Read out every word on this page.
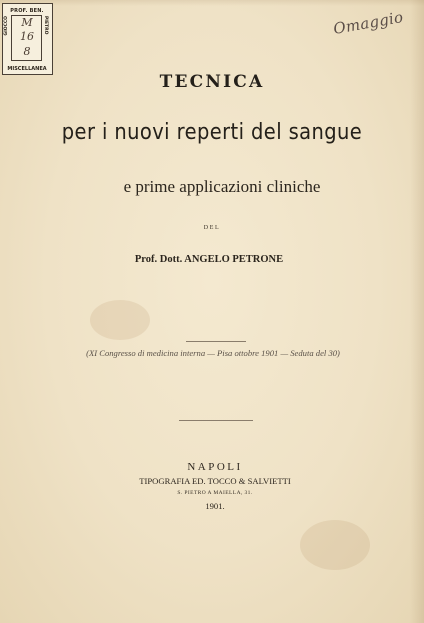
PROF. BEN.
GIOCCO	PIETRO
M
16
8
MISCELLANEA
Omaggio
TECNICA
per i nuovi reperti del sangue
e prime applicazioni cliniche
DEL
Prof. Dott. ANGELO PETRONE
(XI Congresso di medicina interna — Pisa ottobre 1901 — Seduta del 30)
NAPOLI
TIPOGRAFIA ED. TOCCO & SALVIETTI
S. PIETRO A MAIELLA, 31.
1901.
